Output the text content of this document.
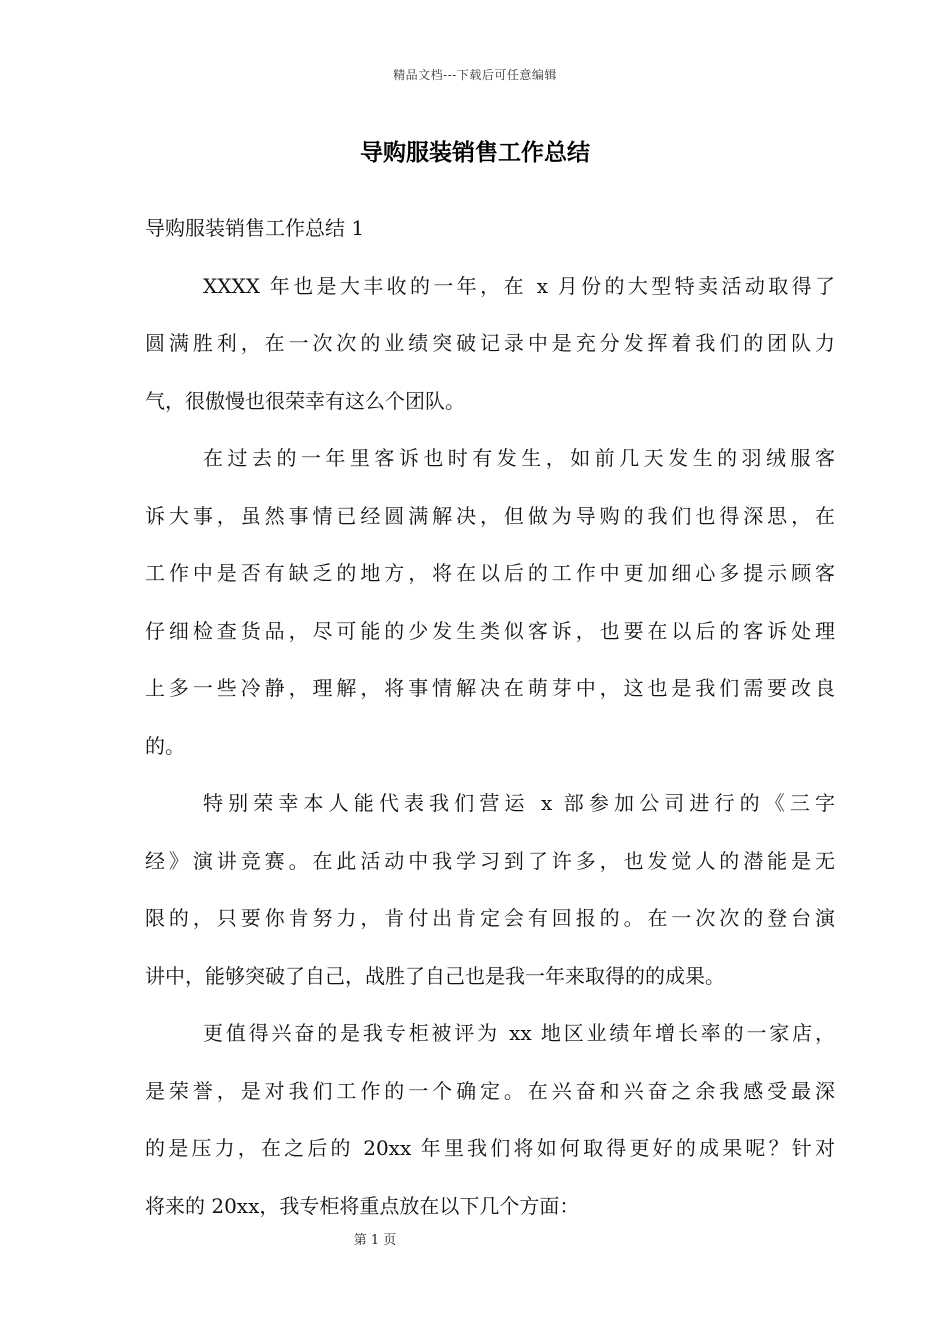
精品文档---下载后可任意编辑
导购服装销售工作总结

导购服装销售工作总结 1

XXXX 年也是大丰收的一年，在 x 月份的大型特卖活动取得了
圆满胜利，在一次次的业绩突破记录中是充分发挥着我们的团队力
气，很傲慢也很荣幸有这么个团队。

在过去的一年里客诉也时有发生，如前几天发生的羽绒服客
诉大事，虽然事情已经圆满解决，但做为导购的我们也得深思，在
工作中是否有缺乏的地方，将在以后的工作中更加细心多提示顾客
仔细检查货品，尽可能的少发生类似客诉，也要在以后的客诉处理
上多一些冷静，理解，将事情解决在萌芽中，这也是我们需要改良
的。

特别荣幸本人能代表我们营运 x 部参加公司进行的《三字
经》演讲竞赛。在此活动中我学习到了许多，也发觉人的潜能是无
限的，只要你肯努力，肯付出肯定会有回报的。在一次次的登台演
讲中，能够突破了自己，战胜了自己也是我一年来取得的的成果。

更值得兴奋的是我专柜被评为 xx 地区业绩年增长率的一家店，
是荣誉，是对我们工作的一个确定。在兴奋和兴奋之余我感受最深
的是压力，在之后的 20xx 年里我们将如何取得更好的成果呢？针对
将来的 20xx，我专柜将重点放在以下几个方面：

第 1 页
